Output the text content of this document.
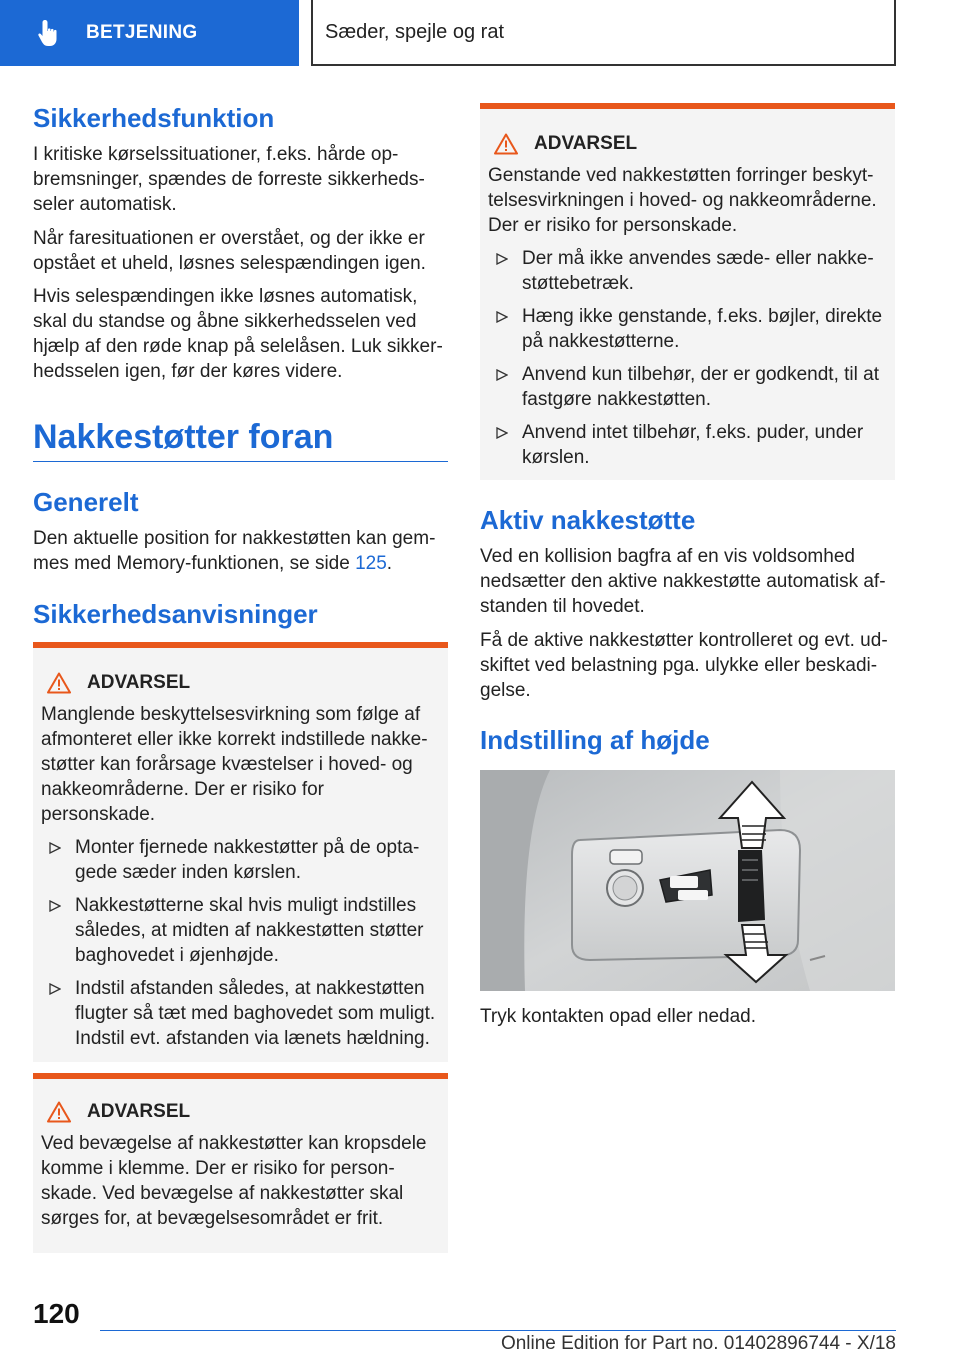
BETJENING	Sæder, spejle og rat
Sikkerhedsfunktion

I kritiske kørselssituationer, f.eks. hårde opbremsninger, spændes de forreste sikkerhedsseler automatisk.

Når faresituationen er overstået, og der ikke er opstået et uheld, løsnes selespændingen igen.

Hvis selespændingen ikke løsnes automatisk, skal du standse og åbne sikkerhedsselen ved hjælp af den røde knap på selelåsen. Luk sikkerhedsselen igen, før der køres videre.

Nakkestøtter foran
Generelt

Den aktuelle position for nakkestøtten kan gemmes med Memory-funktionen, se side 125.

Sikkerhedsanvisninger
ADVARSEL

Manglende beskyttelsesvirkning som følge af afmonteret eller ikke korrekt indstillede nakkestøtter kan forårsage kvæstelser i hoved- og nakkeområderne. Der er risiko for personskade.

Monter fjernede nakkestøtter på de optagede sæder inden kørslen.
Nakkestøtterne skal hvis muligt indstilles således, at midten af nakkestøtten støtter baghovedet i øjenhøjde.
Indstil afstanden således, at nakkestøtten flugter så tæt med baghovedet som muligt. Indstil evt. afstanden via lænets hældning.
ADVARSEL

Ved bevægelse af nakkestøtter kan kropsdele komme i klemme. Der er risiko for personskade. Ved bevægelse af nakkestøtter skal sørges for, at bevægelsesområdet er frit.

ADVARSEL

Genstande ved nakkestøtten forringer beskyttelsesvirkningen i hoved- og nakkeområderne. Der er risiko for personskade.

Der må ikke anvendes sæde- eller nakkestøttebetræk.
Hæng ikke genstande, f.eks. bøjler, direkte på nakkestøtterne.
Anvend kun tilbehør, der er godkendt, til at fastgøre nakkestøtten.
Anvend intet tilbehør, f.eks. puder, under kørslen.
Aktiv nakkestøtte

Ved en kollision bagfra af en vis voldsomhed nedsætter den aktive nakkestøtte automatisk afstanden til hovedet.

Få de aktive nakkestøtter kontrolleret og evt. udskiftet ved belastning pga. ulykke eller beskadigelse.

Indstilling af højde

Tryk kontakten opad eller nedad.

120
Online Edition for Part no. 01402896744 - X/18
